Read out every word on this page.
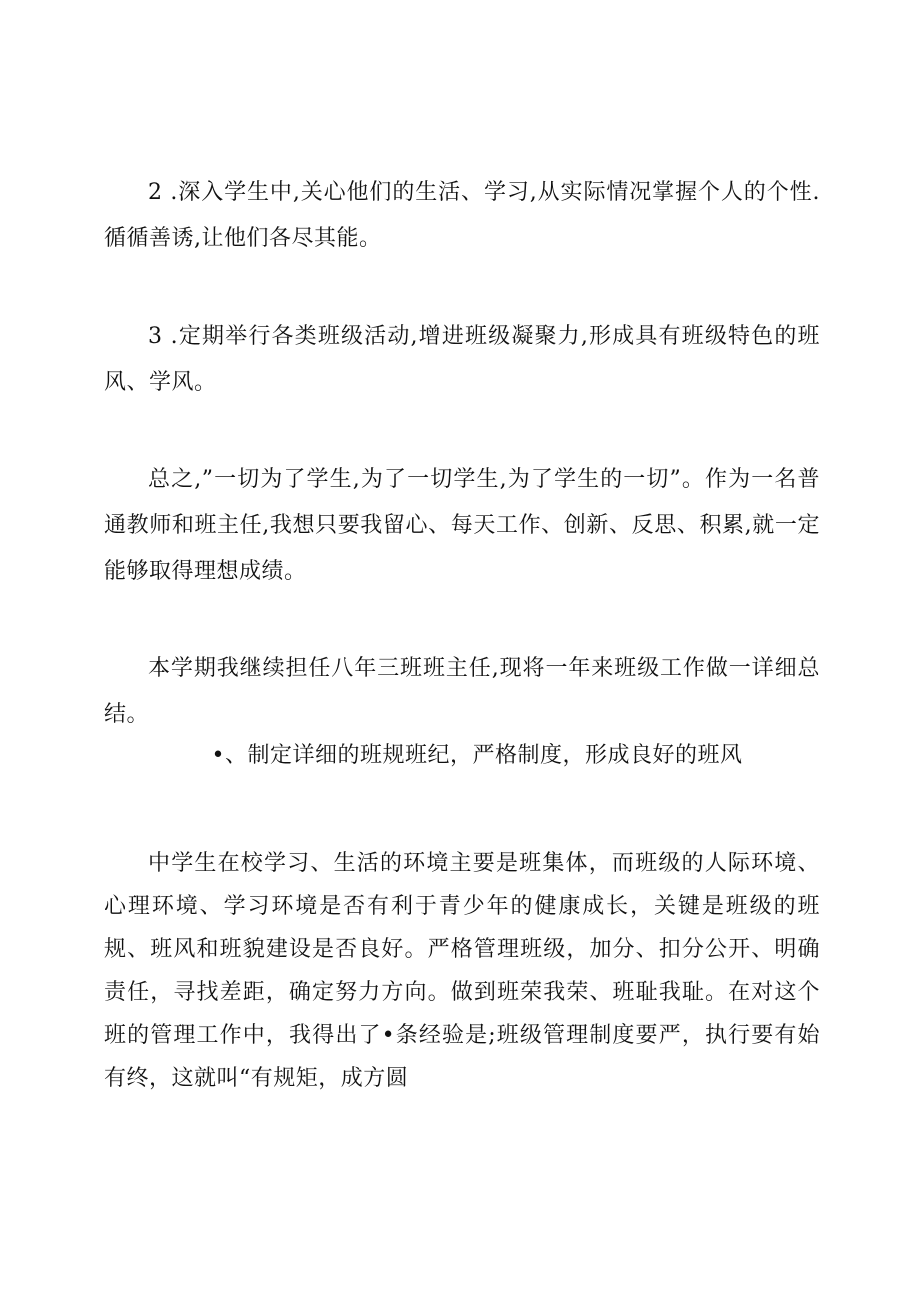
2 .深入学生中,关心他们的生活、学习,从实际情况掌握个人的个性.循循善诱,让他们各尽其能。

3 .定期举行各类班级活动,增进班级凝聚力,形成具有班级特色的班风、学风。

总之,”一切为了学生,为了一切学生,为了学生的一切”。作为一名普通教师和班主任,我想只要我留心、每天工作、创新、反思、积累,就一定能够取得理想成绩。

本学期我继续担任八年三班班主任,现将一年来班级工作做一详细总结。

•、制定详细的班规班纪，严格制度，形成良好的班风

中学生在校学习、生活的环境主要是班集体，而班级的人际环境、心理环境、学习环境是否有利于青少年的健康成长，关键是班级的班规、班风和班貌建设是否良好。严格管理班级，加分、扣分公开、明确责任，寻找差距，确定努力方向。做到班荣我荣、班耻我耻。在对这个班的管理工作中，我得出了•条经验是;班级管理制度要严，执行要有始有终，这就叫“有规矩，成方圆
